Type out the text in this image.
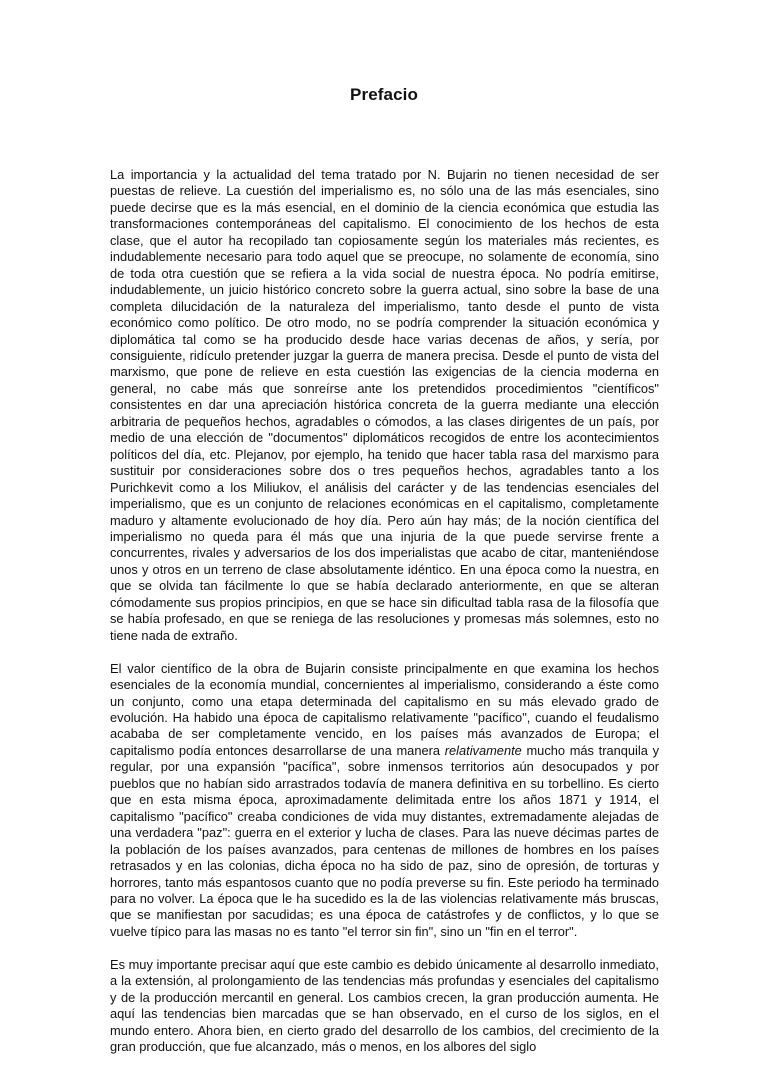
Prefacio

La importancia y la actualidad del tema tratado por N. Bujarin no tienen necesidad de ser puestas de relieve. La cuestión del imperialismo es, no sólo una de las más esenciales, sino puede decirse que es la más esencial, en el dominio de la ciencia económica que estudia las transformaciones contemporáneas del capitalismo. El conocimiento de los hechos de esta clase, que el autor ha recopilado tan copiosamente según los materiales más recientes, es indudablemente necesario para todo aquel que se preocupe, no solamente de economía, sino de toda otra cuestión que se refiera a la vida social de nuestra época. No podría emitirse, indudablemente, un juicio histórico concreto sobre la guerra actual, sino sobre la base de una completa dilucidación de la naturaleza del imperialismo, tanto desde el punto de vista económico como político. De otro modo, no se podría comprender la situación económica y diplomática tal como se ha producido desde hace varias decenas de años, y sería, por consiguiente, ridículo pretender juzgar la guerra de manera precisa. Desde el punto de vista del marxismo, que pone de relieve en esta cuestión las exigencias de la ciencia moderna en general, no cabe más que sonreírse ante los pretendidos procedimientos "científicos" consistentes en dar una apreciación histórica concreta de la guerra mediante una elección arbitraria de pequeños hechos, agradables o cómodos, a las clases dirigentes de un país, por medio de una elección de "documentos" diplomáticos recogidos de entre los acontecimientos políticos del día, etc. Plejanov, por ejemplo, ha tenido que hacer tabla rasa del marxismo para sustituir por consideraciones sobre dos o tres pequeños hechos, agradables tanto a los Purichkevit como a los Miliukov, el análisis del carácter y de las tendencias esenciales del imperialismo, que es un conjunto de relaciones económicas en el capitalismo, completamente maduro y altamente evolucionado de hoy día. Pero aún hay más; de la noción científica del imperialismo no queda para él más que una injuria de la que puede servirse frente a concurrentes, rivales y adversarios de los dos imperialistas que acabo de citar, manteniéndose unos y otros en un terreno de clase absolutamente idéntico. En una época como la nuestra, en que se olvida tan fácilmente lo que se había declarado anteriormente, en que se alteran cómodamente sus propios principios, en que se hace sin dificultad tabla rasa de la filosofía que se había profesado, en que se reniega de las resoluciones y promesas más solemnes, esto no tiene nada de extraño.

El valor científico de la obra de Bujarin consiste principalmente en que examina los hechos esenciales de la economía mundial, concernientes al imperialismo, considerando a éste como un conjunto, como una etapa determinada del capitalismo en su más elevado grado de evolución. Ha habido una época de capitalismo relativamente "pacífico", cuando el feudalismo acababa de ser completamente vencido, en los países más avanzados de Europa; el capitalismo podía entonces desarrollarse de una manera relativamente mucho más tranquila y regular, por una expansión "pacífica", sobre inmensos territorios aún desocupados y por pueblos que no habían sido arrastrados todavía de manera definitiva en su torbellino. Es cierto que en esta misma época, aproximadamente delimitada entre los años 1871 y 1914, el capitalismo "pacífico" creaba condiciones de vida muy distantes, extremadamente alejadas de una verdadera "paz": guerra en el exterior y lucha de clases. Para las nueve décimas partes de la población de los países avanzados, para centenas de millones de hombres en los países retrasados y en las colonias, dicha época no ha sido de paz, sino de opresión, de torturas y horrores, tanto más espantosos cuanto que no podía preverse su fin. Este periodo ha terminado para no volver. La época que le ha sucedido es la de las violencias relativamente más bruscas, que se manifiestan por sacudidas; es una época de catástrofes y de conflictos, y lo que se vuelve típico para las masas no es tanto "el terror sin fin", sino un "fin en el terror".

Es muy importante precisar aquí que este cambio es debido únicamente al desarrollo inmediato, a la extensión, al prolongamiento de las tendencias más profundas y esenciales del capitalismo y de la producción mercantil en general. Los cambios crecen, la gran producción aumenta. He aquí las tendencias bien marcadas que se han observado, en el curso de los siglos, en el mundo entero. Ahora bien, en cierto grado del desarrollo de los cambios, del crecimiento de la gran producción, que fue alcanzado, más o menos, en los albores del siglo
